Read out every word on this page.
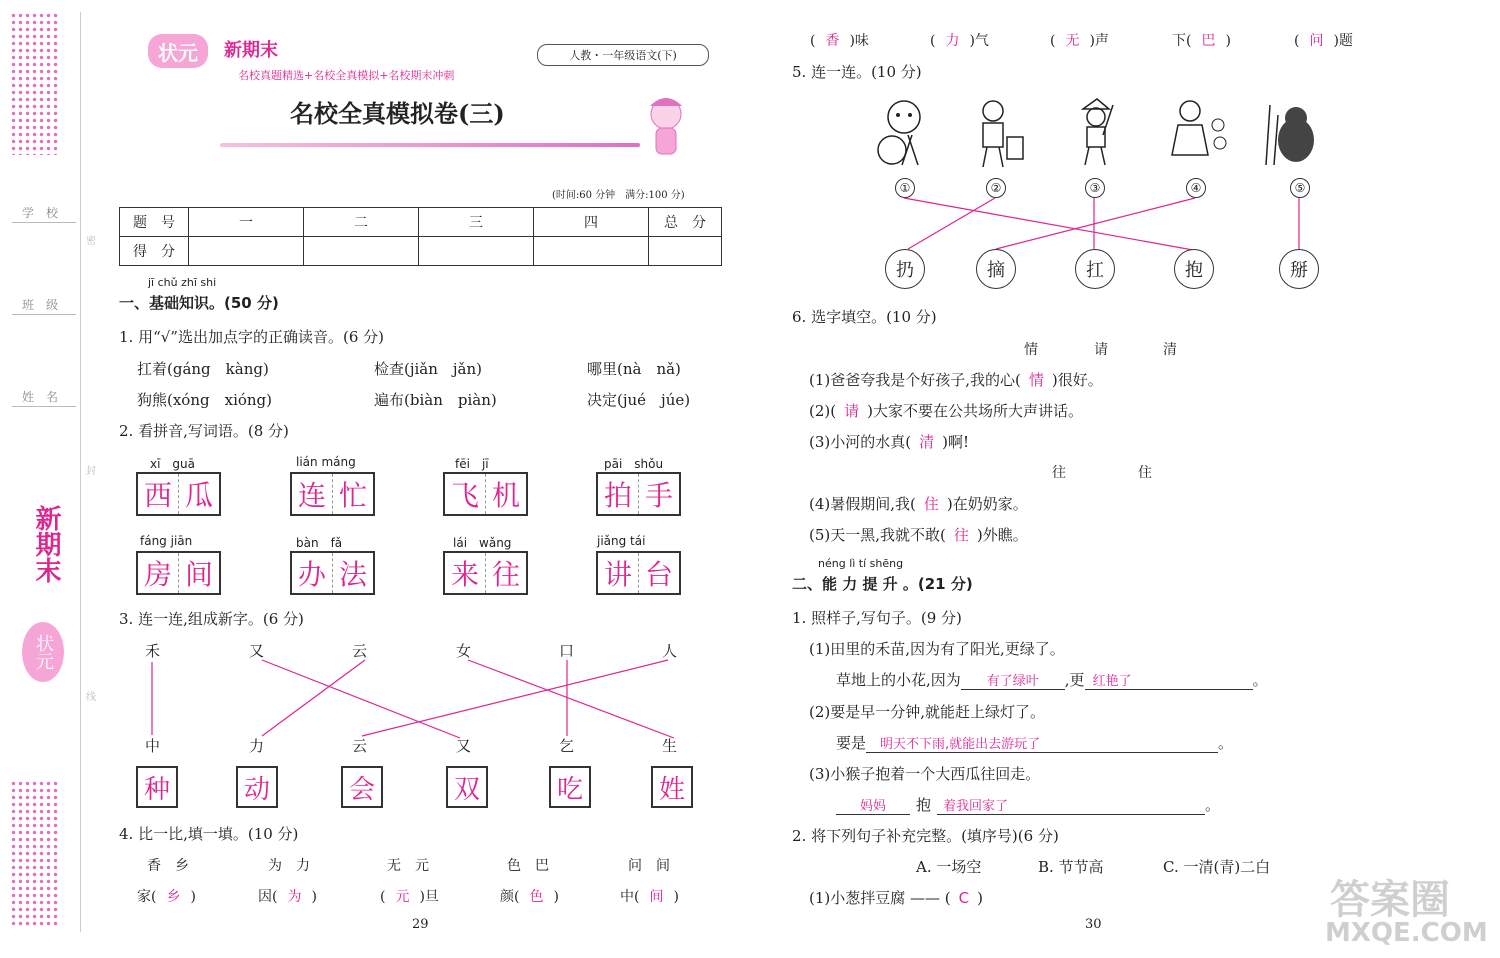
学　校
班　级
姓　名
新期末
状元
密
封
线
状元	新期末
名校真题精选+名校全真模拟+名校期末冲刺
人教・一年级语文(下)
名校全真模拟卷(三)
(时间:60 分钟　满分:100 分)
题　号	一	二	三	四	总　分
得　分					
jī chǔ zhī shi
一、基础知识。(50 分)
1. 用“√”选出加点字的正确读音。(6 分)
扛着(gáng　kàng)	检查(jiǎn　jǎn)	哪里(nà　nǎ)
狗熊(xóng　xióng)	遍布(biàn　piàn)	决定(jué　júe)
2. 看拼音,写词语。(8 分)
xī　guā
西 瓜
lián máng
连 忙
fēi　jī
飞 机
pāi　shǒu
拍 手
fáng jiān
房 间
bàn　fǎ
办 法
lái　wǎng
来 往
jiǎng tái
讲 台
3. 连一连,组成新字。(6 分)
禾	又	云	女	口	人
中	力	云	又	乞	生
种	动	会	双	吃	姓
4. 比一比,填一填。(10 分)
香　乡	为　力	无　元	色　巴	问　间
家( 乡 )	因( 为 )	( 元 )旦	颜( 色 )	中( 间 )
29
( 香 )味	( 力 )气	( 无 )声	下( 巴 )	( 问 )题
5. 连一连。(10 分)
①	②	③	④	⑤
扔	摘	扛	抱	掰
6. 选字填空。(10 分)
情	请	清
(1)爸爸夸我是个好孩子,我的心( 情 )很好。
(2)( 请 )大家不要在公共场所大声讲话。
(3)小河的水真( 清 )啊!
往	住
(4)暑假期间,我( 住 )在奶奶家。
(5)天一黑,我就不敢( 往 )外瞧。
néng lì tí shēng
二、能 力 提 升 。(21 分)
1. 照样子,写句子。(9 分)
(1)田里的禾苗,因为有了阳光,更绿了。
草地上的小花,因为 有了绿叶 ,更 红艳了	。
(2)要是早一分钟,就能赶上绿灯了。
要是 明天不下雨,就能出去游玩了	。
(3)小猴子抱着一个大西瓜往回走。
妈妈 抱 着我回家了	。
2. 将下列句子补充完整。(填序号)(6 分)
A. 一场空	B. 节节高	C. 一清(青)二白
(1)小葱拌豆腐 —— ( C )
30
答案圈
MXQE.COM
